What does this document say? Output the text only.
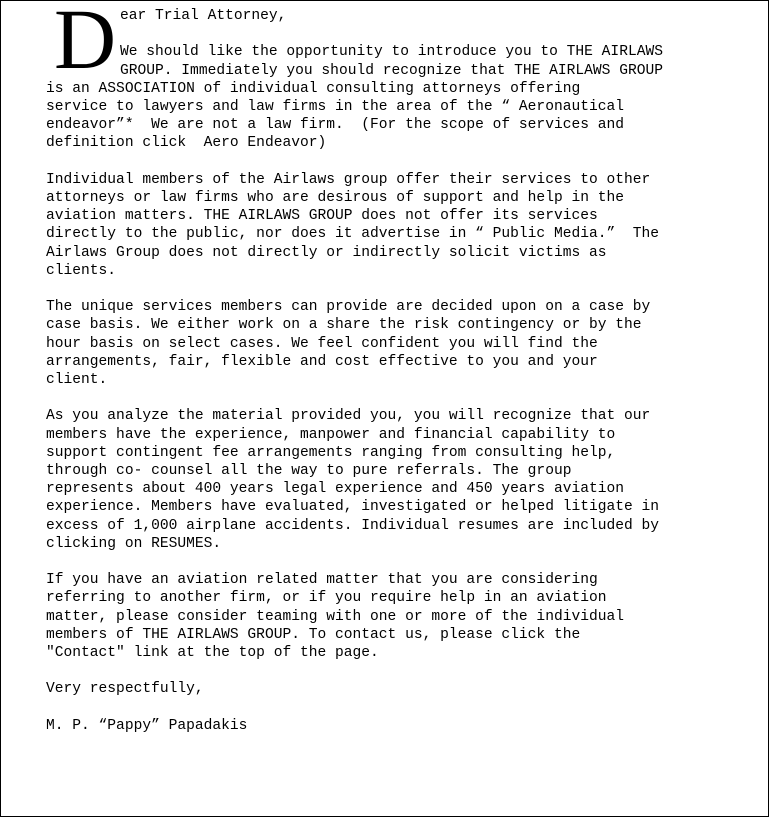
D ear Trial Attorney,
We should like the opportunity to introduce you to THE AIRLAWS
GROUP. Immediately you should recognize that THE AIRLAWS GROUP
is an ASSOCIATION of individual consulting attorneys offering
service to lawyers and law firms in the area of the “ Aeronautical
endeavor”*  We are not a law firm.  (For the scope of services and
definition click  Aero Endeavor)
Individual members of the Airlaws group offer their services to other
attorneys or law firms who are desirous of support and help in the
aviation matters. THE AIRLAWS GROUP does not offer its services
directly to the public, nor does it advertise in “ Public Media.”  The
Airlaws Group does not directly or indirectly solicit victims as
clients.
The unique services members can provide are decided upon on a case by
case basis. We either work on a share the risk contingency or by the
hour basis on select cases. We feel confident you will find the
arrangements, fair, flexible and cost effective to you and your
client.
As you analyze the material provided you, you will recognize that our
members have the experience, manpower and financial capability to
support contingent fee arrangements ranging from consulting help,
through co- counsel all the way to pure referrals. The group
represents about 400 years legal experience and 450 years aviation
experience. Members have evaluated, investigated or helped litigate in
excess of 1,000 airplane accidents. Individual resumes are included by
clicking on RESUMES.
If you have an aviation related matter that you are considering
referring to another firm, or if you require help in an aviation
matter, please consider teaming with one or more of the individual
members of THE AIRLAWS GROUP. To contact us, please click the
"Contact" link at the top of the page.
Very respectfully,
M. P. “Pappy” Papadakis
